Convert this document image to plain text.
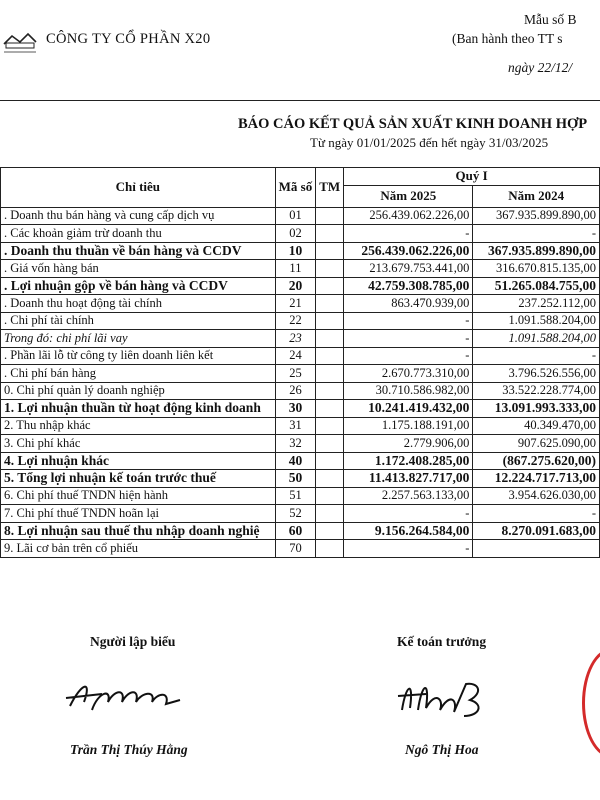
CÔNG TY CỔ PHẦN X20
Mẫu số B
(Ban hành theo TT s
ngày 22/12/
BÁO CÁO KẾT QUẢ SẢN XUẤT KINH DOANH HỢP
Từ ngày 01/01/2025 đến hết ngày 31/03/2025
Chỉ tiêu	Mã số	TM	Quý I	
			Năm 2025	Năm 2024
. Doanh thu bán hàng và cung cấp dịch vụ	01		256.439.062.226,00	367.935.899.890,00
. Các khoản giảm trừ doanh thu	02		-	-
. Doanh thu thuần về bán hàng và CCDV	10		256.439.062.226,00	367.935.899.890,00
. Giá vốn hàng bán	11		213.679.753.441,00	316.670.815.135,00
. Lợi nhuận gộp về bán hàng và CCDV	20		42.759.308.785,00	51.265.084.755,00
. Doanh thu hoạt động tài chính	21		863.470.939,00	237.252.112,00
. Chi phí tài chính	22		-	1.091.588.204,00
Trong đó: chi phí lãi vay	23		-	1.091.588.204,00
. Phần lãi lỗ từ công ty liên doanh liên kết	24		-	-
. Chi phí bán hàng	25		2.670.773.310,00	3.796.526.556,00
0. Chi phí quản lý doanh nghiệp	26		30.710.586.982,00	33.522.228.774,00
1. Lợi nhuận thuần từ hoạt động kinh doanh	30		10.241.419.432,00	13.091.993.333,00
2. Thu nhập khác	31		1.175.188.191,00	40.349.470,00
3. Chi phí khác	32		2.779.906,00	907.625.090,00
4. Lợi nhuận khác	40		1.172.408.285,00	(867.275.620,00)
5. Tổng lợi nhuận kế toán trước thuế	50		11.413.827.717,00	12.224.717.713,00
6. Chi phí thuế TNDN hiện hành	51		2.257.563.133,00	3.954.626.030,00
7. Chi phí thuế TNDN hoãn lại	52		-	-
8. Lợi nhuận sau thuế thu nhập doanh nghiệ	60		9.156.264.584,00	8.270.091.683,00
9. Lãi cơ bản trên cổ phiếu	70		-	
Người lập biểu	Kế toán trưởng
Trần Thị Thúy Hằng	Ngô Thị Hoa
